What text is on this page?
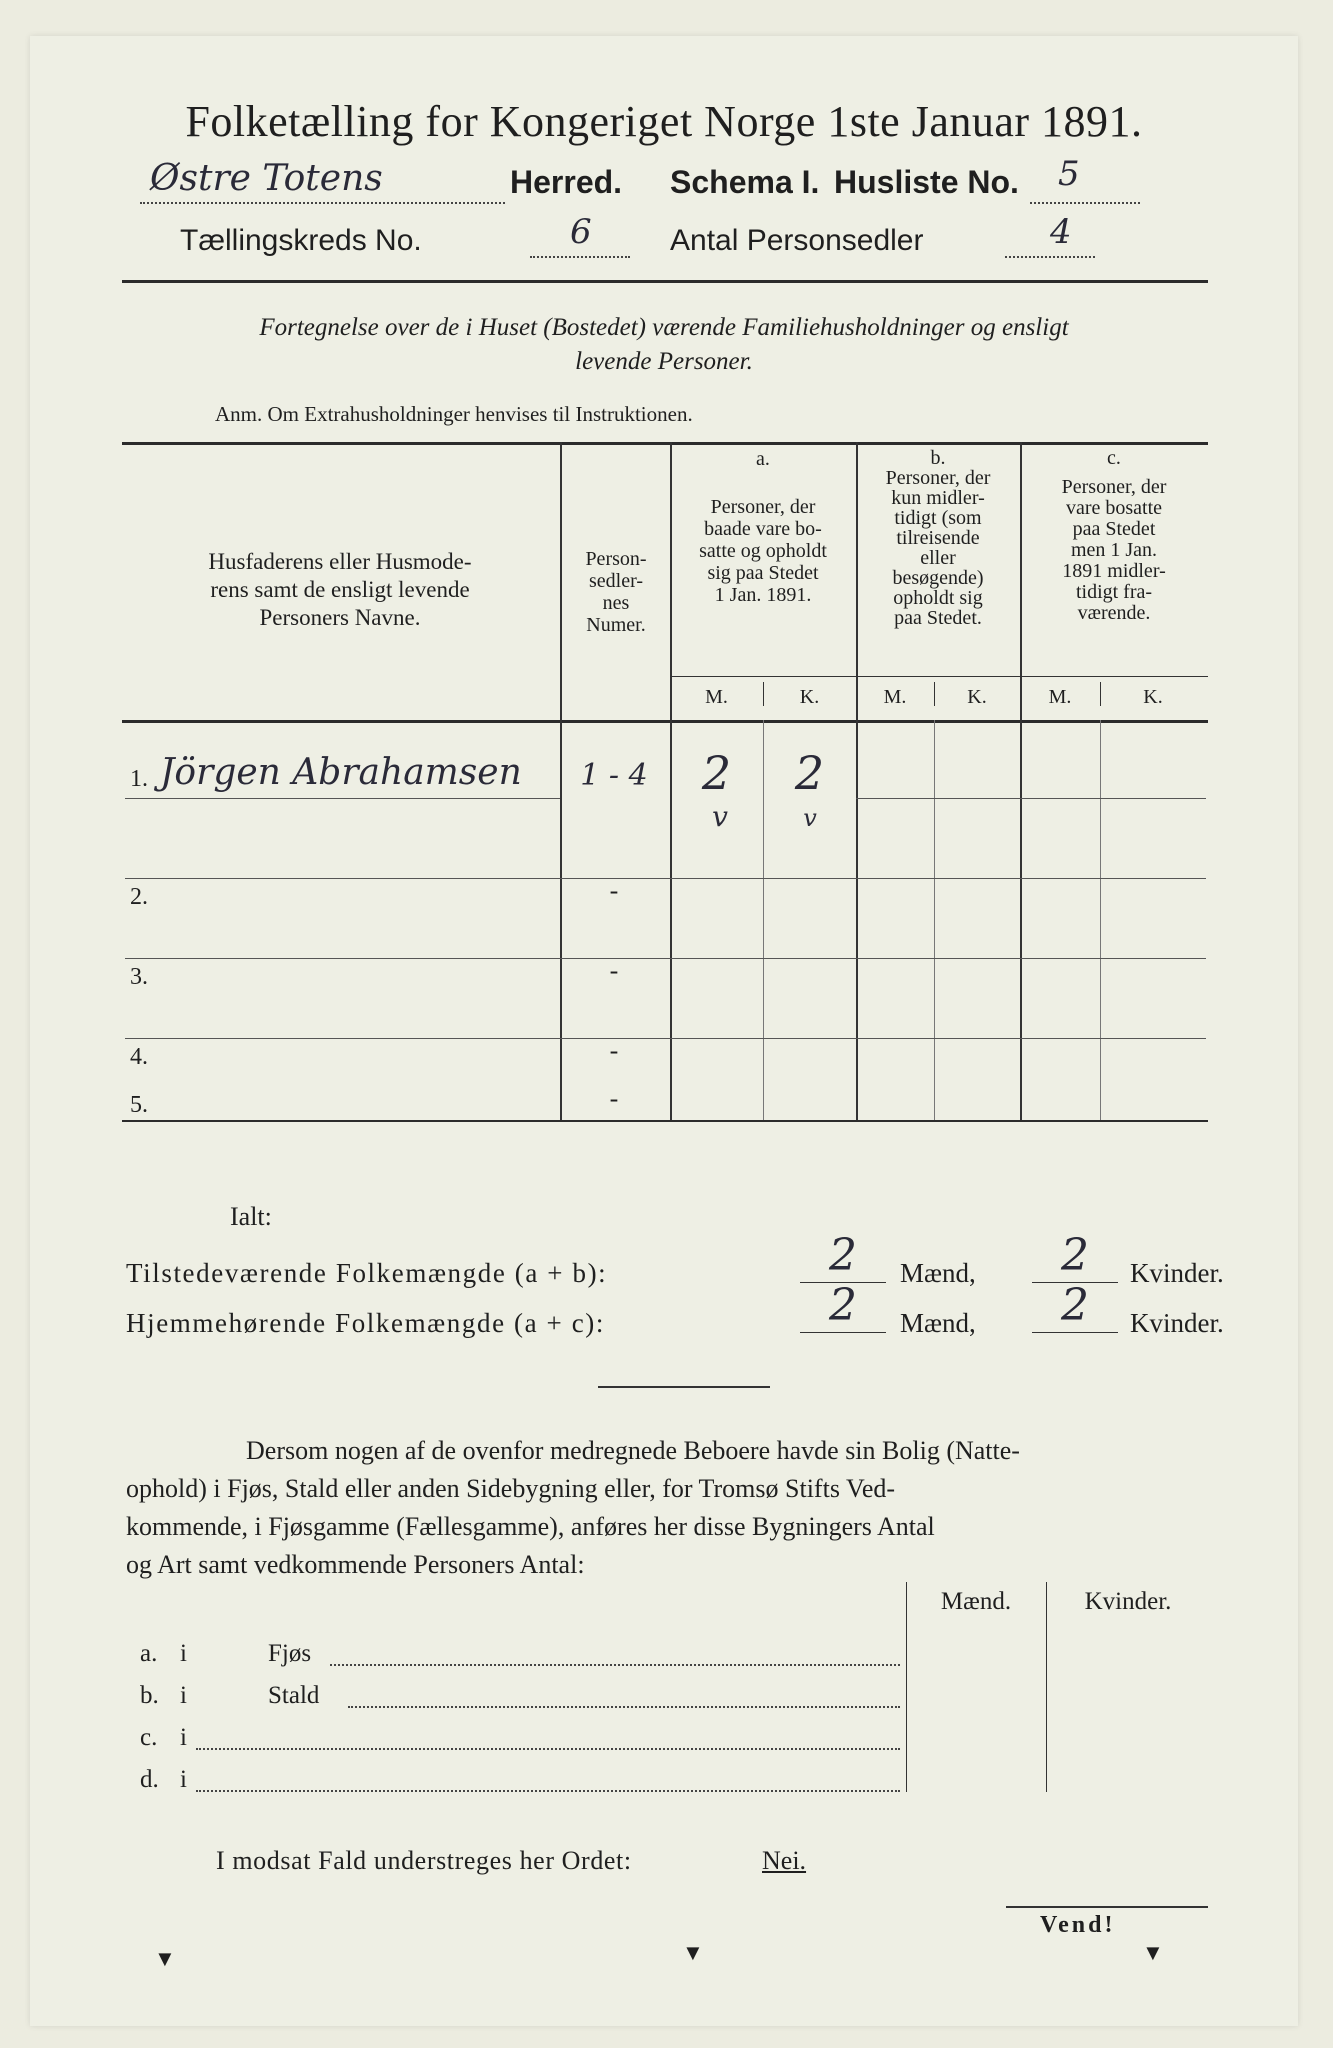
Folketælling for Kongeriget Norge 1ste Januar 1891.
Østre Totens	Herred. Schema I. Husliste No. 5
Tællingskreds No.	6	Antal Personsedler	4
Fortegnelse over de i Huset (Bostedet) værende Familiehusholdninger og ensligt
levende Personer.
Anm. Om Extrahusholdninger henvises til Instruktionen.
Husfaderens eller Husmode-
rens samt de ensligt levende
Personers Navne.
Person-
sedler-
nes
Numer.
a.
Personer, der
baade vare bo-
satte og opholdt
sig paa Stedet
1 Jan. 1891.
b.
Personer, der
kun midler-
tidigt (som
tilreisende
eller
besøgende)
opholdt sig
paa Stedet.
c.
Personer, der
vare bosatte
paa Stedet
men 1 Jan.
1891 midler-
tidigt fra-
værende.
M.	K.	M.	K.	M.	K.
1. Jörgen Abrahamsen	1 - 4	2	2
v	v
2.	-
3.	-
4.	-
5.	-
Ialt:
Tilstedeværende Folkemængde (a + b):	2	Mænd,	2	Kvinder.
Hjemmehørende Folkemængde (a + c):	2	Mænd,	2	Kvinder.
Dersom nogen af de ovenfor medregnede Beboere havde sin Bolig (Natte-
ophold) i Fjøs, Stald eller anden Sidebygning eller, for Tromsø Stifts Ved-
kommende, i Fjøsgamme (Fællesgamme), anføres her disse Bygningers Antal
og Art samt vedkommende Personers Antal:
Mænd.	Kvinder.
a. i	Fjøs
b. i	Stald
c. i
d. i
I modsat Fald understreges her Ordet:	Nei.
Vend!
▼	▼	▼
